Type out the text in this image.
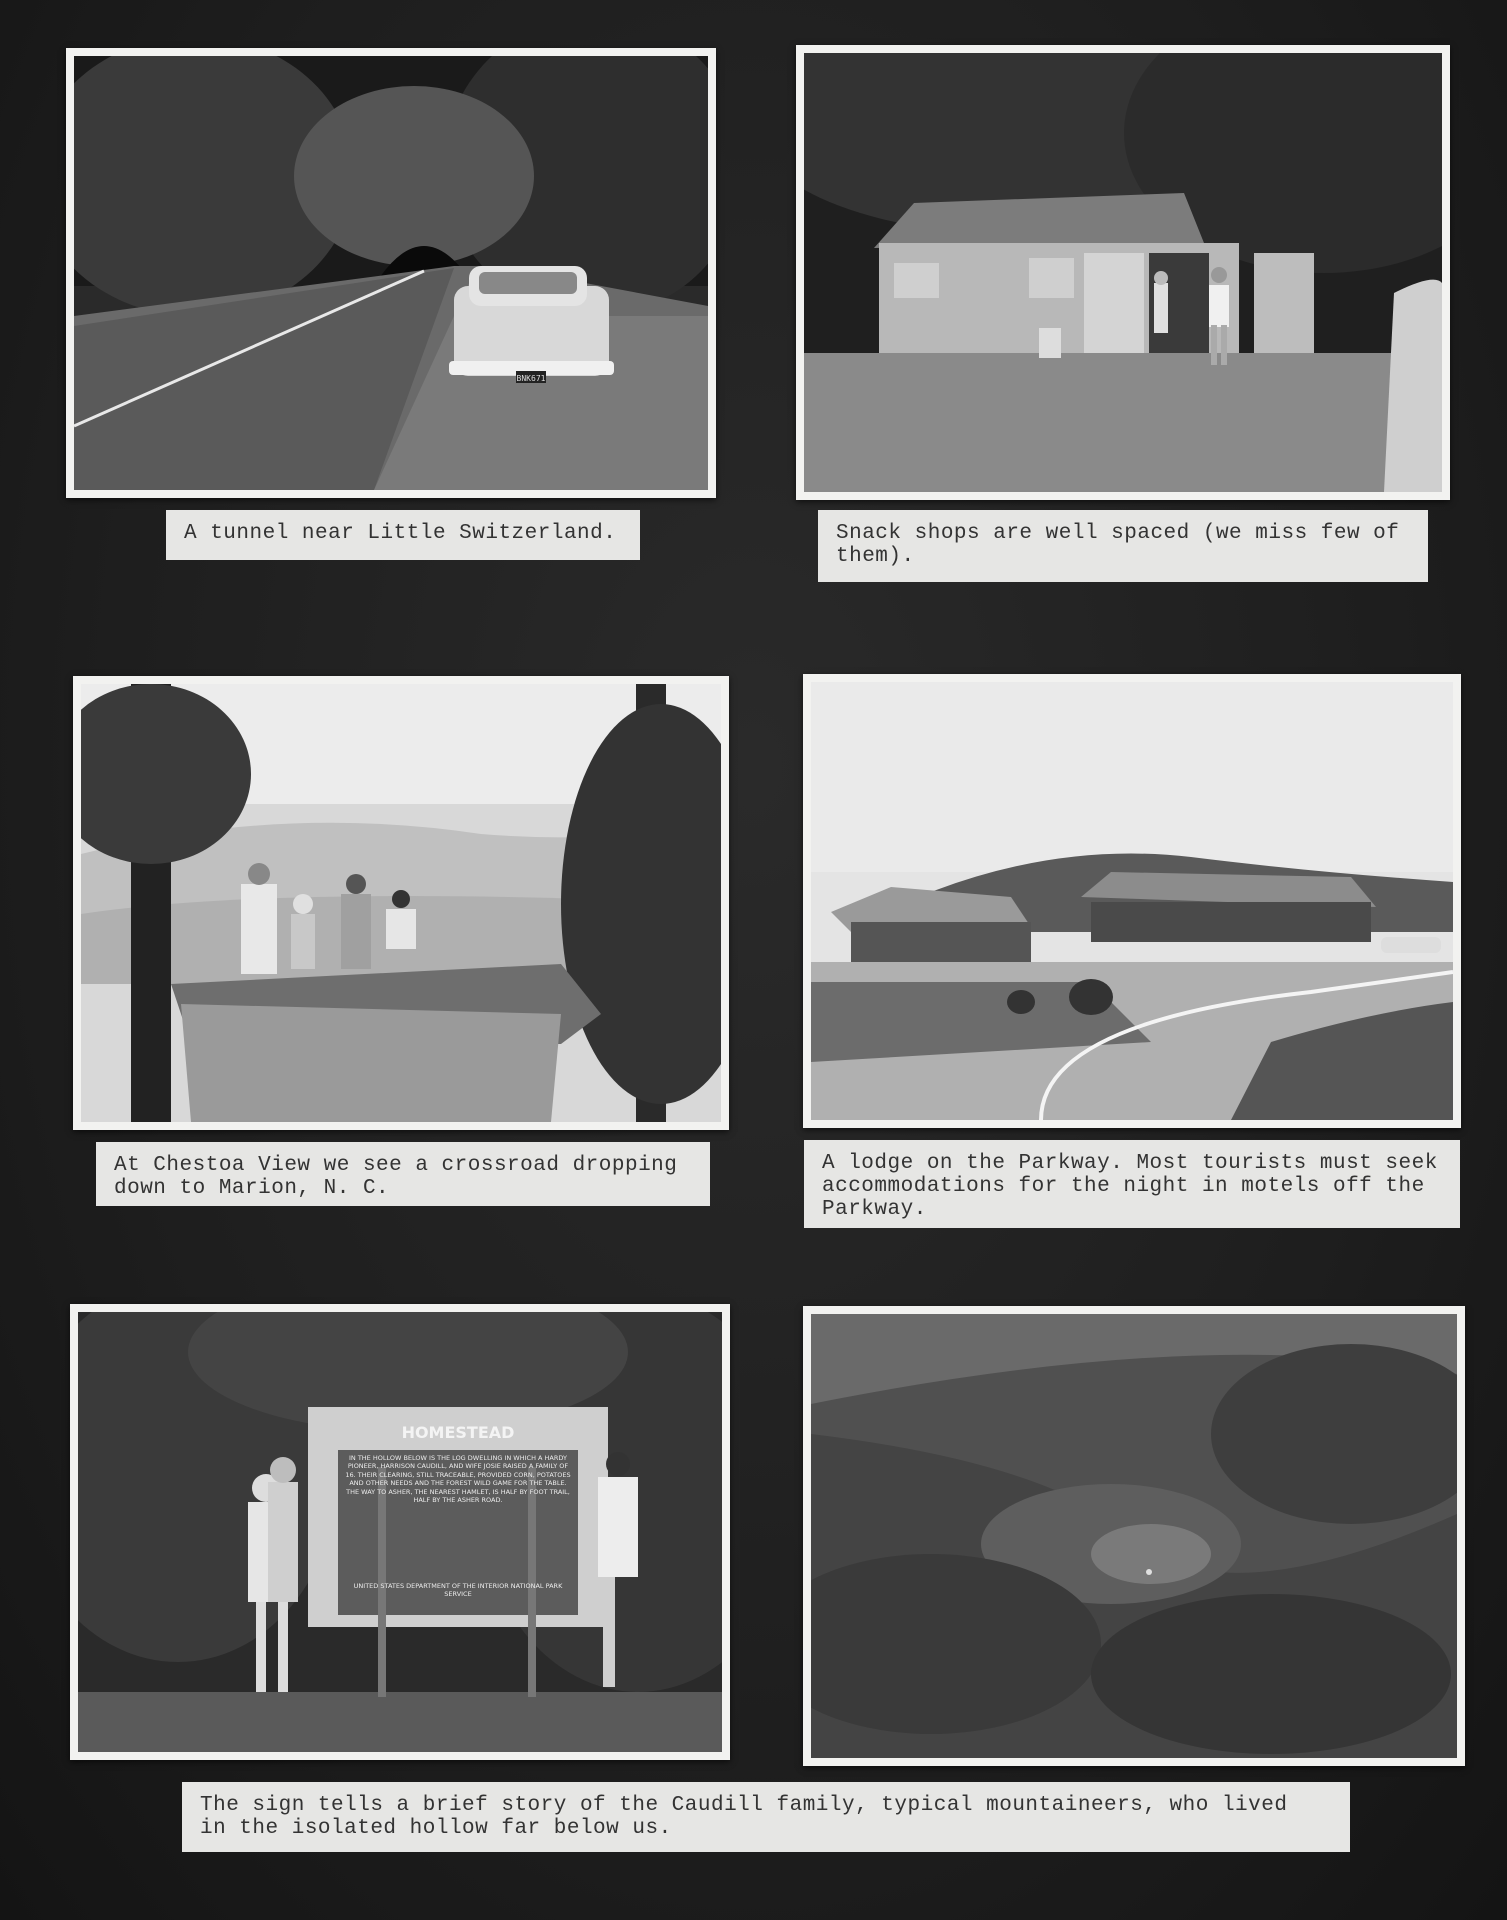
BNK671
A tunnel near Little Switzerland.	Snack shops are well spaced (we miss few of
them).
At Chestoa View we see a crossroad dropping
down to Marion, N. C.
A lodge on the Parkway. Most tourists must seek
accommodations for the night in motels off the
Parkway.
HOMESTEAD
IN THE HOLLOW BELOW IS THE LOG DWELLING IN WHICH A HARDY PIONEER, HARRISON CAUDILL, AND WIFE JOSIE RAISED A FAMILY OF 16. THEIR CLEARING, STILL TRACEABLE, PROVIDED CORN, POTATOES AND OTHER NEEDS AND THE FOREST WILD GAME FOR THE TABLE. THE WAY TO ASHER, THE NEAREST HAMLET, IS HALF BY FOOT TRAIL, HALF BY THE ASHER ROAD.
UNITED STATES DEPARTMENT OF THE INTERIOR NATIONAL PARK SERVICE
The sign tells a brief story of the Caudill family, typical mountaineers, who lived
in the isolated hollow far below us.
